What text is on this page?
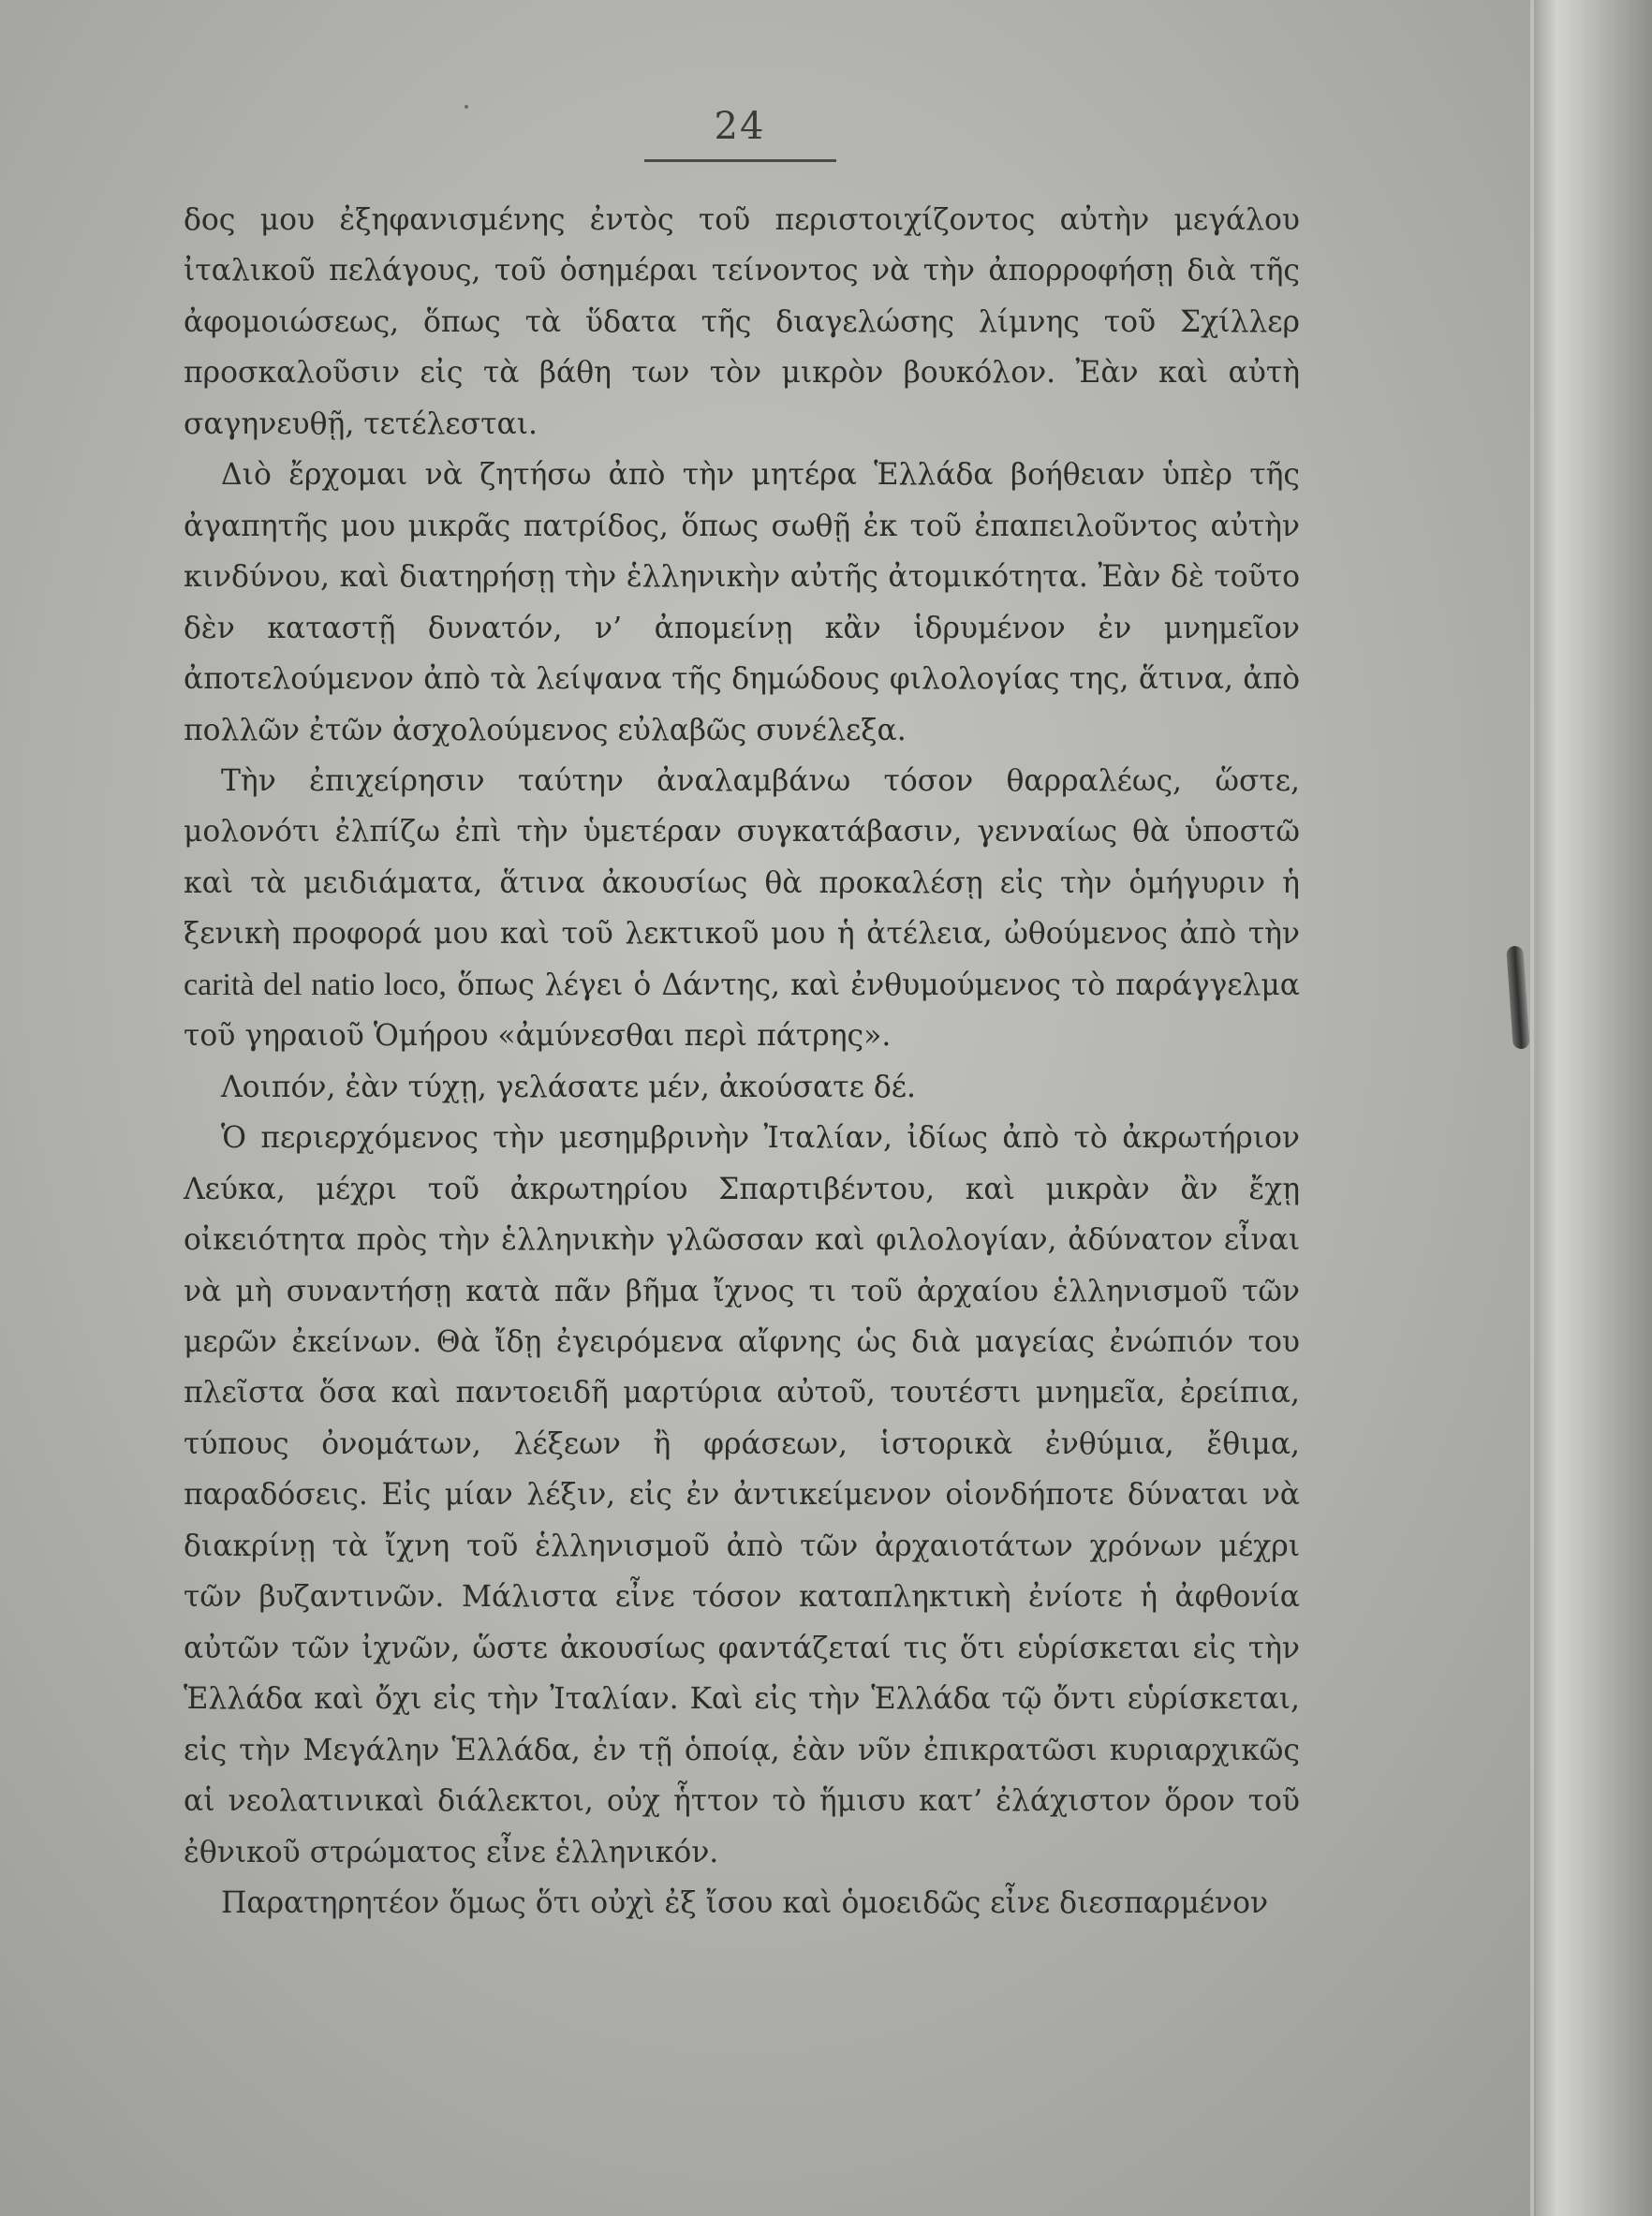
24

δος μου ἐξηφανισμένης ἐντὸς τοῦ περιστοιχίζοντος αὐτὴν μεγάλου ἰταλικοῦ πελάγους, τοῦ ὁσημέραι τείνοντος νὰ τὴν ἀπορροφήσῃ διὰ τῆς ἀφομοιώσεως, ὅπως τὰ ὕδατα τῆς διαγελώσης λίμνης τοῦ Σχίλλερ προσκαλοῦσιν εἰς τὰ βάθη των τὸν μικρὸν βουκόλον. Ἐὰν καὶ αὐτὴ σαγηνευθῇ, τετέλεσται.

Διὸ ἔρχομαι νὰ ζητήσω ἀπὸ τὴν μητέρα Ἑλλάδα βοήθειαν ὑπὲρ τῆς ἀγαπητῆς μου μικρᾶς πατρίδος, ὅπως σωθῇ ἐκ τοῦ ἐπαπειλοῦντος αὐτὴν κινδύνου, καὶ διατηρήσῃ τὴν ἑλληνικὴν αὐτῆς ἀτομικότητα. Ἐὰν δὲ τοῦτο δὲν καταστῇ δυνατόν, ν’ ἀπομείνῃ κἂν ἱδρυμένον ἐν μνημεῖον ἀποτελούμενον ἀπὸ τὰ λείψανα τῆς δημώδους φιλολογίας της, ἅτινα, ἀπὸ πολλῶν ἐτῶν ἀσχολούμενος εὐλαβῶς συνέλεξα.

Τὴν ἐπιχείρησιν ταύτην ἀναλαμβάνω τόσον θαρραλέως, ὥστε, μολονότι ἐλπίζω ἐπὶ τὴν ὑμετέραν συγκατάβασιν, γενναίως θὰ ὑποστῶ καὶ τὰ μειδιάματα, ἅτινα ἀκουσίως θὰ προκαλέσῃ εἰς τὴν ὁμήγυριν ἡ ξενικὴ προφορά μου καὶ τοῦ λεκτικοῦ μου ἡ ἀτέλεια, ὠθούμενος ἀπὸ τὴν carità del natio loco, ὅπως λέγει ὁ Δάντης, καὶ ἐνθυμούμενος τὸ παράγγελμα τοῦ γηραιοῦ Ὁμήρου «ἀμύνεσθαι περὶ πάτρης».

Λοιπόν, ἐὰν τύχῃ, γελάσατε μέν, ἀκούσατε δέ.

Ὁ περιερχόμενος τὴν μεσημβρινὴν Ἰταλίαν, ἰδίως ἀπὸ τὸ ἀκρωτήριον Λεύκα, μέχρι τοῦ ἀκρωτηρίου Σπαρτιβέντου, καὶ μικρὰν ἂν ἔχῃ οἰκειότητα πρὸς τὴν ἑλληνικὴν γλῶσσαν καὶ φιλολογίαν, ἀδύνατον εἶναι νὰ μὴ συναντήσῃ κατὰ πᾶν βῆμα ἴχνος τι τοῦ ἀρχαίου ἑλληνισμοῦ τῶν μερῶν ἐκείνων. Θὰ ἴδῃ ἐγειρόμενα αἴφνης ὡς διὰ μαγείας ἐνώπιόν του πλεῖστα ὅσα καὶ παντοειδῆ μαρτύρια αὐτοῦ, τουτέστι μνημεῖα, ἐρείπια, τύπους ὀνομάτων, λέξεων ἢ φράσεων, ἱστορικὰ ἐνθύμια, ἔθιμα, παραδόσεις. Εἰς μίαν λέξιν, εἰς ἐν ἀντικείμενον οἱονδήποτε δύναται νὰ διακρίνῃ τὰ ἴχνη τοῦ ἑλληνισμοῦ ἀπὸ τῶν ἀρχαιοτάτων χρόνων μέχρι τῶν βυζαντινῶν. Μάλιστα εἶνε τόσον καταπληκτικὴ ἐνίοτε ἡ ἀφθονία αὐτῶν τῶν ἰχνῶν, ὥστε ἀκουσίως φαντάζεταί τις ὅτι εὑρίσκεται εἰς τὴν Ἑλλάδα καὶ ὄχι εἰς τὴν Ἰταλίαν. Καὶ εἰς τὴν Ἑλλάδα τῷ ὄντι εὑρίσκεται, εἰς τὴν Μεγάλην Ἑλλάδα, ἐν τῇ ὁποίᾳ, ἐὰν νῦν ἐπικρατῶσι κυριαρχικῶς αἱ νεολατινικαὶ διάλεκτοι, οὐχ ἧττον τὸ ἥμισυ κατ’ ἐλάχιστον ὅρον τοῦ ἐθνικοῦ στρώματος εἶνε ἑλληνικόν.

Παρατηρητέον ὅμως ὅτι οὐχὶ ἐξ ἴσου καὶ ὁμοειδῶς εἶνε διεσπαρμένον
